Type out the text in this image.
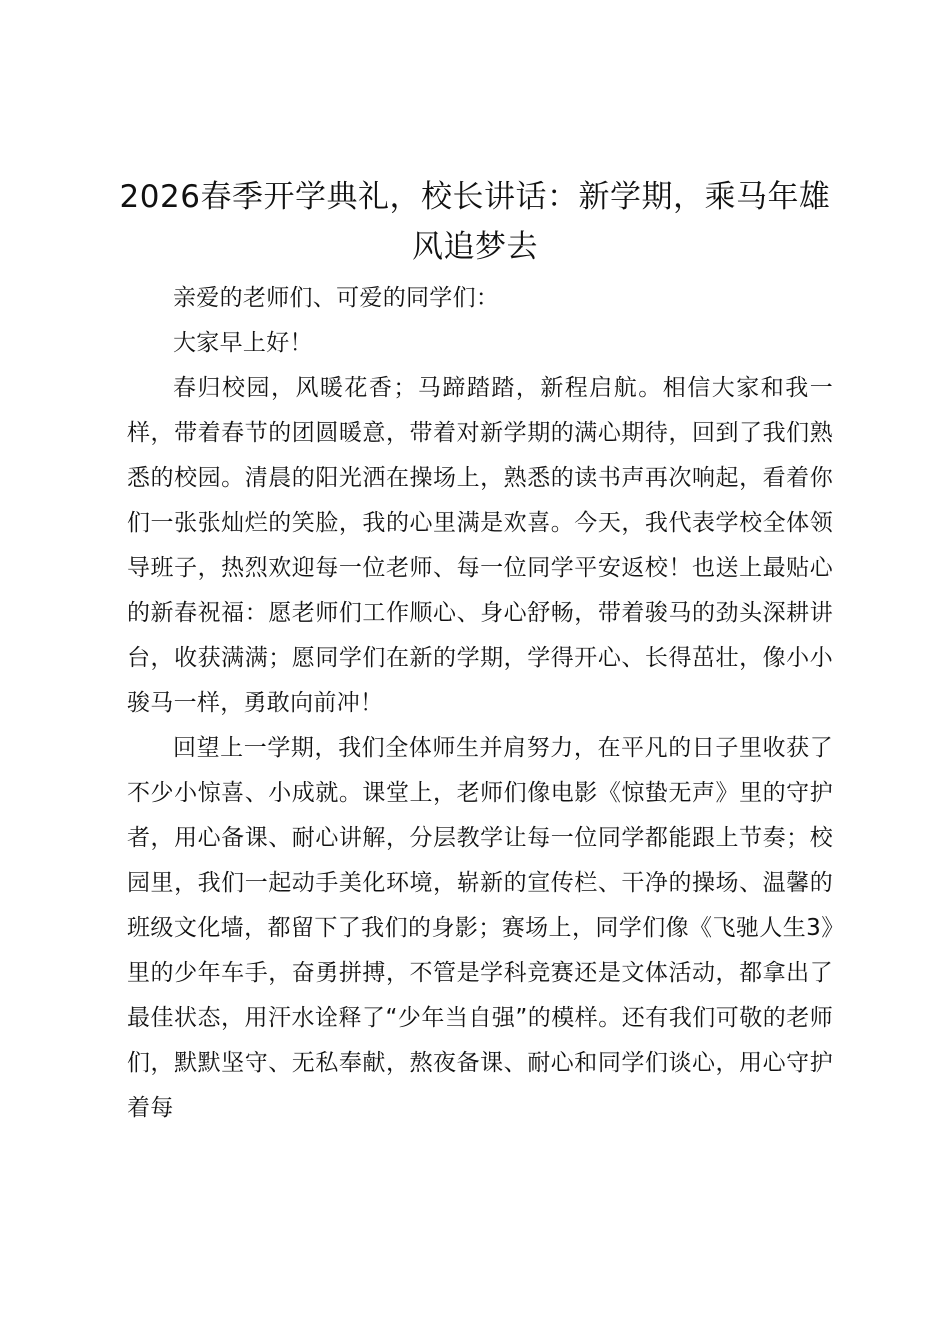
2026春季开学典礼，校长讲话：新学期，乘马年雄风追梦去

亲爱的老师们、可爱的同学们：

大家早上好！

春归校园，风暖花香；马蹄踏踏，新程启航。相信大家和我一样，带着春节的团圆暖意，带着对新学期的满心期待，回到了我们熟悉的校园。清晨的阳光洒在操场上，熟悉的读书声再次响起，看着你们一张张灿烂的笑脸，我的心里满是欢喜。今天，我代表学校全体领导班子，热烈欢迎每一位老师、每一位同学平安返校！也送上最贴心的新春祝福：愿老师们工作顺心、身心舒畅，带着骏马的劲头深耕讲台，收获满满；愿同学们在新的学期，学得开心、长得茁壮，像小小骏马一样，勇敢向前冲！

回望上一学期，我们全体师生并肩努力，在平凡的日子里收获了不少小惊喜、小成就。课堂上，老师们像电影《惊蛰无声》里的守护者，用心备课、耐心讲解，分层教学让每一位同学都能跟上节奏；校园里，我们一起动手美化环境，崭新的宣传栏、干净的操场、温馨的班级文化墙，都留下了我们的身影；赛场上，同学们像《飞驰人生3》里的少年车手，奋勇拼搏，不管是学科竞赛还是文体活动，都拿出了最佳状态，用汗水诠释了“少年当自强”的模样。还有我们可敬的老师们，默默坚守、无私奉献，熬夜备课、耐心和同学们谈心，用心守护着每
